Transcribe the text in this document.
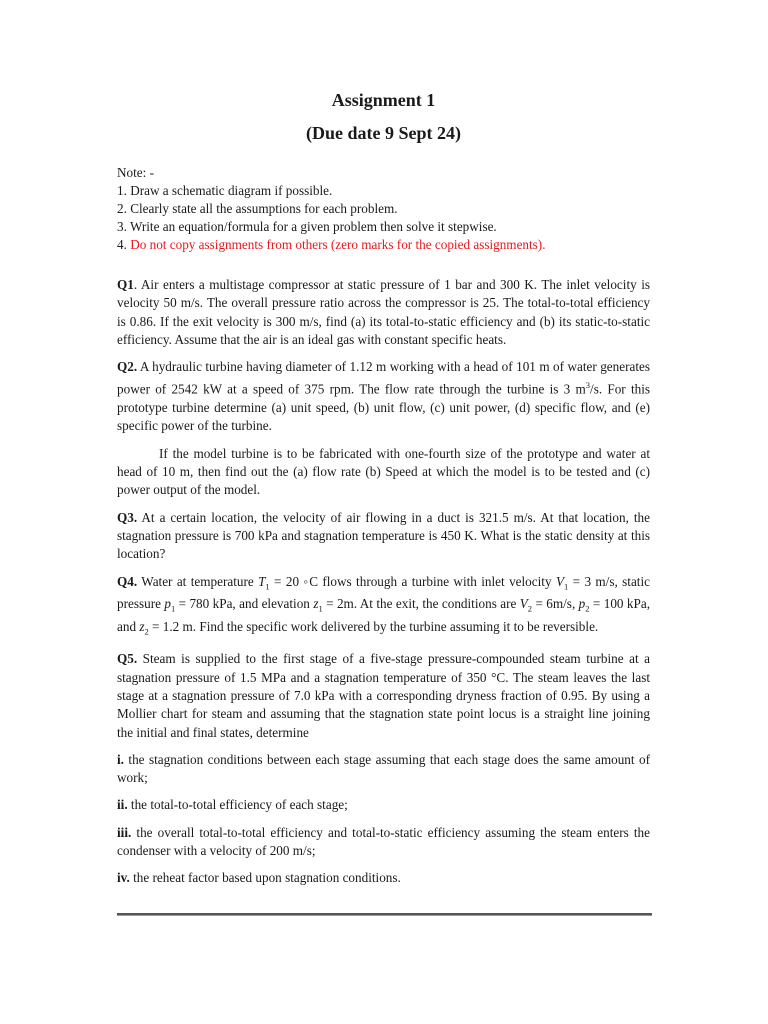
Assignment 1

(Due date 9 Sept 24)

Note: -
1. Draw a schematic diagram if possible.
2. Clearly state all the assumptions for each problem.
3. Write an equation/formula for a given problem then solve it stepwise.
4. Do not copy assignments from others (zero marks for the copied assignments).

Q1. Air enters a multistage compressor at static pressure of 1 bar and 300 K. The inlet velocity is velocity 50 m/s. The overall pressure ratio across the compressor is 25. The total-to-total efficiency is 0.86. If the exit velocity is 300 m/s, find (a) its total-to-static efficiency and (b) its static-to-static efficiency. Assume that the air is an ideal gas with constant specific heats.

Q2. A hydraulic turbine having diameter of 1.12 m working with a head of 101 m of water generates power of 2542 kW at a speed of 375 rpm. The flow rate through the turbine is 3 $m^3/s$. For this prototype turbine determine (a) unit speed, (b) unit flow, (c) unit power, (d) specific flow, and (e) specific power of the turbine.

If the model turbine is to be fabricated with one-fourth size of the prototype and water at head of 10 m, then find out the (a) flow rate (b) Speed at which the model is to be tested and (c) power output of the model.

Q3. At a certain location, the velocity of air flowing in a duct is 321.5 m/s. At that location, the stagnation pressure is 700 kPa and stagnation temperature is 450 K. What is the static density at this location?

Q4. Water at temperature $T_1 = 20$ ◦C flows through a turbine with inlet velocity $V_1 = 3$ m/s, static pressure $p_1 = 780$ kPa, and elevation $z_1 = 2m$. At the exit, the conditions are $V_2 = 6m/s$, $p_2 = 100$ kPa, and $z_2 = 1.2$ m. Find the specific work delivered by the turbine assuming it to be reversible.

Q5. Steam is supplied to the first stage of a five-stage pressure-compounded steam turbine at a stagnation pressure of 1.5 MPa and a stagnation temperature of 350 °C. The steam leaves the last stage at a stagnation pressure of 7.0 kPa with a corresponding dryness fraction of 0.95. By using a Mollier chart for steam and assuming that the stagnation state point locus is a straight line joining the initial and final states, determine

i. the stagnation conditions between each stage assuming that each stage does the same amount of work;

ii. the total-to-total efficiency of each stage;

iii. the overall total-to-total efficiency and total-to-static efficiency assuming the steam enters the condenser with a velocity of 200 m/s;

iv. the reheat factor based upon stagnation conditions.
